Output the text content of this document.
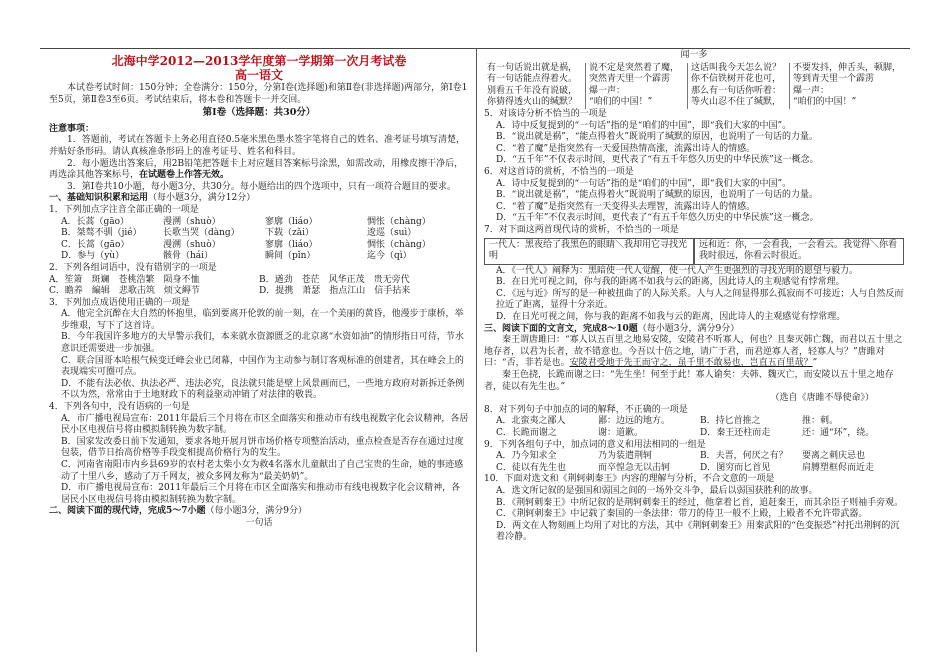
北海中学2012—2013学年度第一学期第一次月考试卷
高一语文
本试卷考试时间：150分钟；全卷满分：150分，分第Ⅰ卷(选择题)和第Ⅱ卷(非选择题)两部分，第Ⅰ卷1至5页，第Ⅱ卷3至6页。考试结束后，将本卷和答题卡一并交回。
第Ⅰ卷（选择题：共30分）
注意事项：
1．答题前，考试在答题卡上务必用直径0.5毫米黑色墨水签字笔将自己的姓名、准考证号填写清楚，并贴好条形码。请认真核准条形码上的准考证号、姓名和科目。
2．每小题选出答案后，用2B铅笔把答题卡上对应题目答案标号涂黑，如需改动，用橡皮擦干净后，再选涂其他答案标号，在试题卷上作答无效。
3．第Ⅰ卷共10小题，每小题3分，共30分。每小题给出的四个选项中，只有一项符合题目的要求。
一、基础知识积累和运用（每小题3分，满分12分）
1．下列加点字注音全部正确的一项是
A．长蒿（gāo）	漫溯（shuò）	寥廓（liáo）	惆怅（chàng）
B．桀骜不驯（jié）	长歌当哭（dàng）	下载（zǎi）	逡巡（suì）
C．长蒿（gāo）	漫溯（shuò）	寥廓（liáo）	惆怅（chàng）
D．参与（yù）	骸骨（hái）	瞬间（pǐn）	迄今（qì）
2．下列各组词语中，没有错别字的一项是
A．笙箫　斑斓　苍桃浩繁　陨身不恤	B．遒劲　苍茫　风华正茂　贵无旁代
C．瞻养　編辑　悲歌击筑　烦文縟节	D．提携　萧瑟　指点江山　信手拈来
3．下列加点成语使用正确的一项是
A．他完全沉醉在大自然的怀抱里，临到要离开伦敦的前一刻，在一个美丽的黄昏，他漫步于康桥，举步维艰，写下了这首诗。
B．今年我国许多地方的大旱警示我们，本来就水资源匮乏的北京离“水资如油”的情形指日可待，节水意识还需要进一步加强。
C．联合国哥本哈根气候变迁峰会业已闭幕，中国作为主动参与制订客观标准的创建者，其在峰会上的表现端实可圈可点。
D．不能有法必依、执法必严、违法必究，良法就只能是壁上风景画而已，一些地方政府对新拆迁条例不以为然，常常由于土地财政下的利益驱动冲销了对法律的敬畏。
4．下列各句中，没有语病的一句是
A．市广播电视局宣布：2011年最后三个月将在市区全面落实和推动市有线电视数字化会议精神，各居民小区电视信号将由模拟制转换为数字制。
B．国家发改委日前下发通知，要求各地开展月饼市场价格专项整治活动，重点检查是否存在通过过度包装，借节日抬高价格等手段变相提高价格行为的发生。
C．河南省南阳市内乡县69岁的农村老太柴小女为救4名落水儿童献出了自己宝贵的生命，她的事迹感动了十里八乡，感动了万千网友，被众多网友称为“最美奶奶”。
D．市广播电视局宣布：2011年最后三个月将在市区全面落实和推动市有线电视数字化会议精神，各居民小区电视信号将由模拟制转换为数字制。
二、阅读下面的现代诗，完成5～7小题（每小题3分，满分9分）
一句话
闻一多
有一句话说出就是祸，
有一句话能点得着火。
别看五千年没有说破，
你猜得透火山的缄默？
说不定是突然着了魔，
突然青天里一个霹雳
爆一声：
“咱们的中国！”
这话叫我今天怎么说？
你不信铁树开花也可，
那么有一句话你听着：
等火山忍不住了缄默，
不要发抖，伸舌头，顿脚，
等到青天里一个霹雳
爆一声：
“咱们的中国！”
5．对该诗分析不恰当的一项是
A．诗中反复提到的“一句话”指的是“咱们的中国”，即“我们大家的中国”。
B．“说出就是祸”，“能点得着火”既说明了缄默的原因，也说明了一句话的力量。
C．“着了魔”是指突然有一天爱国热情高涨，流露出诗人的情感。
D．“五千年”不仅表示时间，更代表了“有五千年悠久历史的中华民族”这一概念。
6．对这首诗的赏析，不恰当的一项是
A．诗中反复提到的“一句话”指的是“咱们的中国”，即“我们大家的中国”。
B．“说出就是祸”，“能点得着火”既说明了缄默的原因，也说明了一句话的力量。
C．“着了魔”是指突然有一天变得头去理智，流露出诗人的情感。
D．“五千年”不仅表示时间，更代表了“有五千年悠久历史的中华民族”这一概念。
7．对下面这两首现代诗的赏析，不恰当的一项是
一代人：黑夜给了我黑色的眼睛＼我却用它寻找光明
远和近：你，一会看我，一会看云。我觉得＼你看我时很远，你看云时很近。
A．《一代人》阐释为：黑暗使一代人觉醒，使一代人产生更强烈的寻找光明的愿望与毅力。
B．在日光可视之间，你与我的距离不如我与云的距离，因此诗人的主观感觉有悖常理。
C．《远与近》所写的是一种被扭曲了的人际关系。人与人之间显得那么孤寂而不可接近；人与自然反而拉近了距离，显得十分亲近。
D．在日光可视之间，你与我的距离不如我与云的距离，因此诗人的主观感觉有悖常理。
三、阅读下面的文言文，完成8～10题（每小题3分，满分9分）
秦王谓唐雎曰：“寡人以五百里之地易安陵，安陵君不听寡人，何也？且秦灭韩亡魏，而君以五十里之地存者，以君为长者，故不错意也。今吾以十倍之地，请广于君，而君逆寡人者，轻寡人与？”唐雎对曰：“否，非若是也。安陵君受地于先王而守之，虽千里不敢易也，岂直五百里哉？”
秦王色挠，长跪而谢之曰：“先生坐！何至于此！寡人谕矣：夫韩、魏灭亡，而安陵以五十里之地存者，徒以有先生也。”
（选自《唐雎不辱使命》）
8．对下列句子中加点的词的解释，不正确的一项是
A．北蛮夷之鄙人	鄙：边远的地方。	B．持匕首推之	推：刺。
C．长跪而谢之	谢：道歉。	D．秦王还柱而走	还：通“环”，绕。
9．下列各组句子中，加点词的意义和用法相同的一组是
A．乃今知求全	乃为装遣荆轲	B．夫晋，何厌之有？	要离之刺庆忌也
C．徒以有先生也	而卒惶急无以击轲	D．图穷而匕首见	肩膊塑框侭而近走
10．下面对选文和《荆轲刺秦王》内容的理解与分析，不合文意的一项是
A．选文所记叙的是强国和弱国之间的一场外交斗争，最后以弱国获胜利的故事。
B．《荆轲刺秦王》中所记叙的是荆轲刺秦王的经过，他拿着匕首，追赶秦王，而其余臣子则袖手旁观。
C．《荆轲刺秦王》中记载了秦国的一条法律：带刀的侍卫一般不上殿，上殿者不允许带武器。
D．两文在人物刻画上均用了对比的方法，其中《荆轲刺秦王》用秦武阳的“色变振恐”衬托出荆轲的沉着冷静。
